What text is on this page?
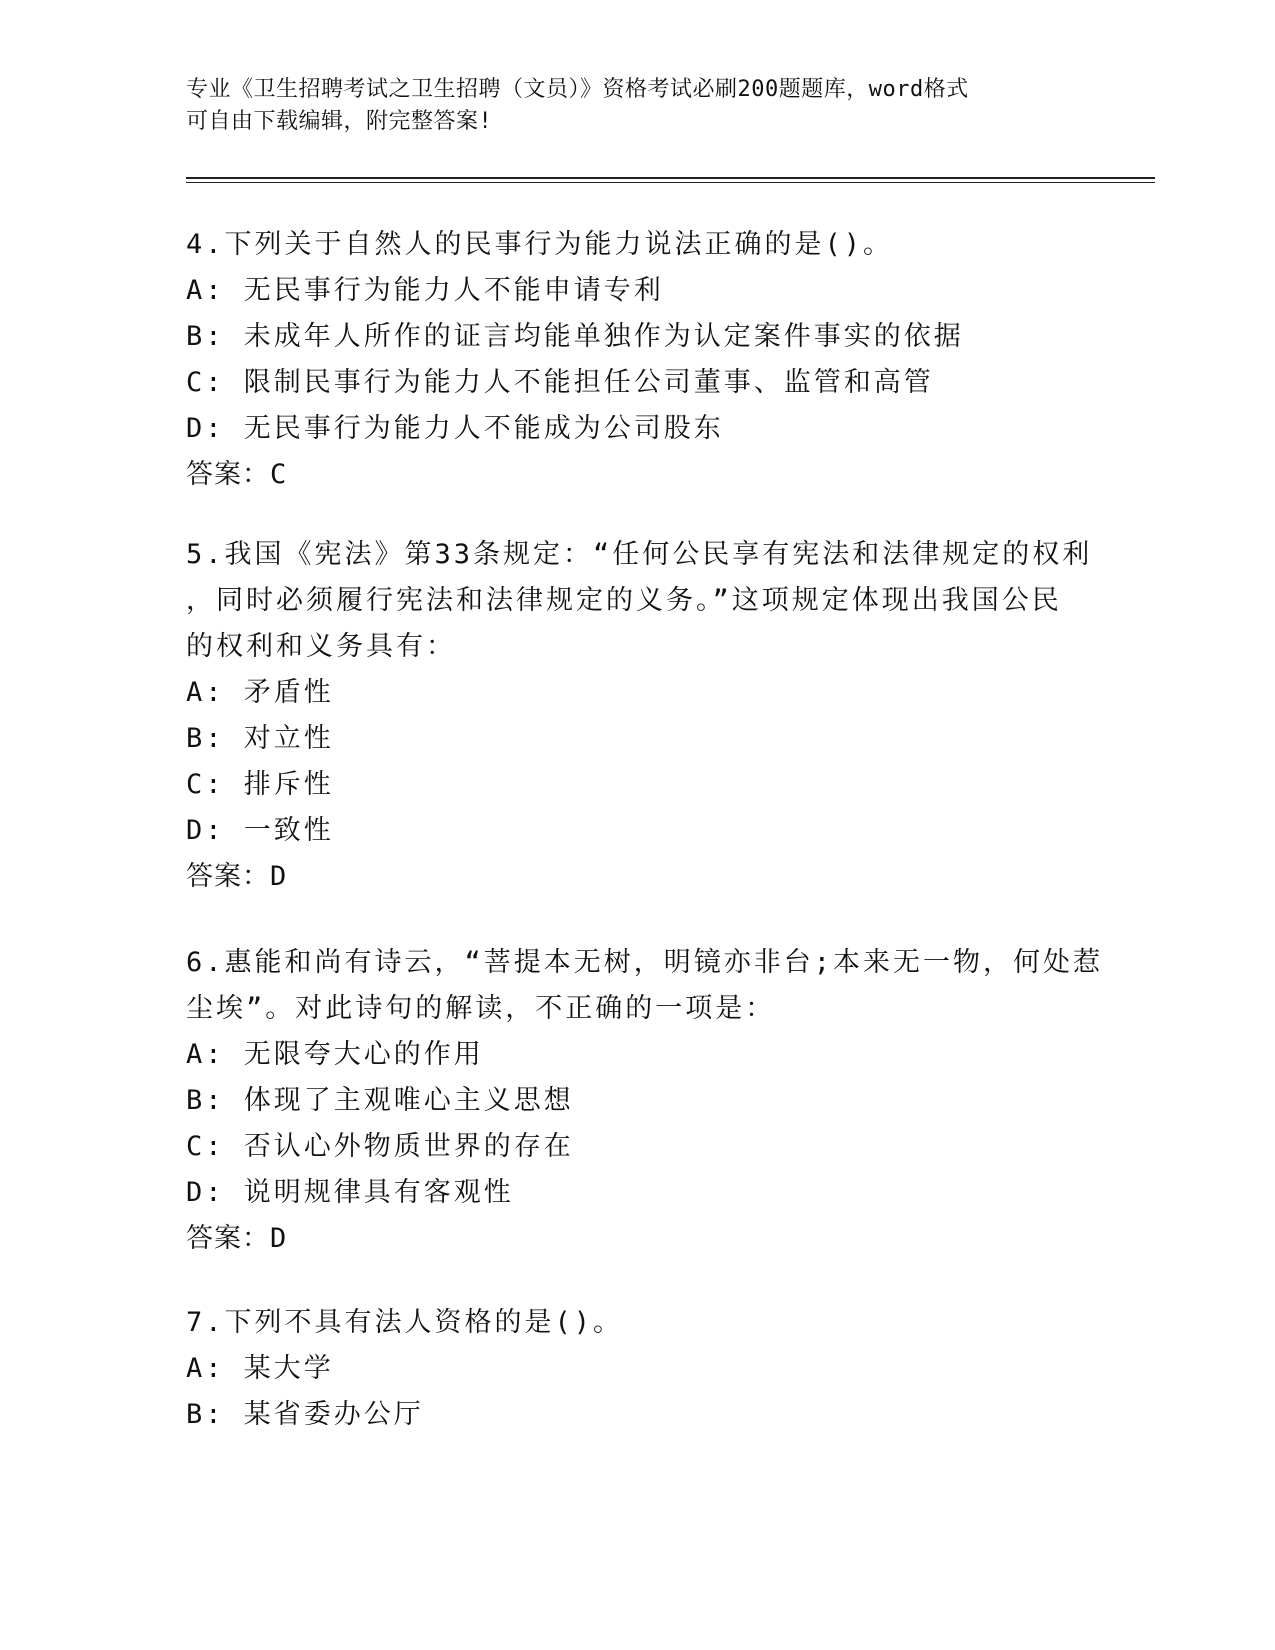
专业《卫生招聘考试之卫生招聘（文员）》资格考试必刷200题题库，word格式
可自由下载编辑，附完整答案!
4.下列关于自然人的民事行为能力说法正确的是()。
A: 无民事行为能力人不能申请专利
B: 未成年人所作的证言均能单独作为认定案件事实的依据
C: 限制民事行为能力人不能担任公司董事、监管和高管
D: 无民事行为能力人不能成为公司股东
答案：C
5.我国《宪法》第33条规定：“任何公民享有宪法和法律规定的权利
，同时必须履行宪法和法律规定的义务。”这项规定体现出我国公民
的权利和义务具有：
A: 矛盾性
B: 对立性
C: 排斥性
D: 一致性
答案：D
6.惠能和尚有诗云，“菩提本无树，明镜亦非台;本来无一物，何处惹
尘埃”。对此诗句的解读，不正确的一项是：
A: 无限夸大心的作用
B: 体现了主观唯心主义思想
C: 否认心外物质世界的存在
D: 说明规律具有客观性
答案：D
7.下列不具有法人资格的是()。
A: 某大学
B: 某省委办公厅
